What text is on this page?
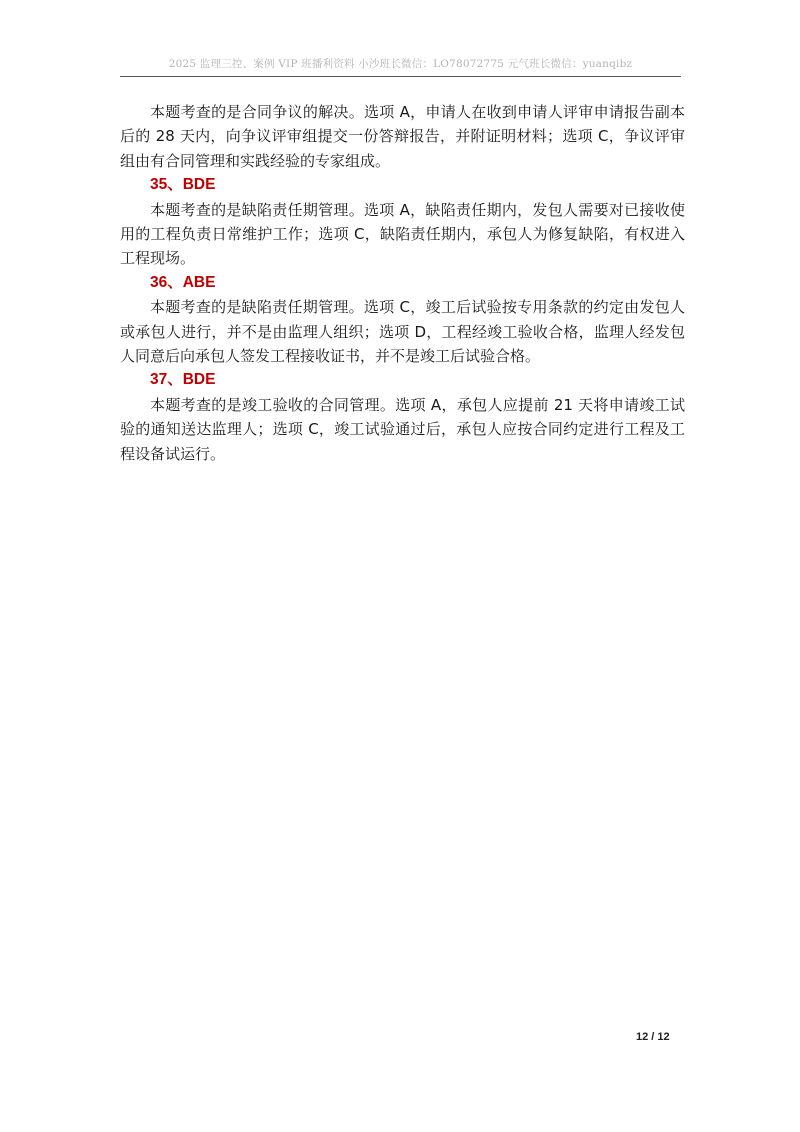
2025 监理三控、案例 VIP 班播利资料 小沙班长微信：LO78072775 元气班长微信：yuanqibz

本题考查的是合同争议的解决。选项 A，申请人在收到申请人评审申请报告副本后的 28 天内，向争议评审组提交一份答辩报告，并附证明材料；选项 C，争议评审组由有合同管理和实践经验的专家组成。

35、BDE

本题考查的是缺陷责任期管理。选项 A，缺陷责任期内，发包人需要对已接收使用的工程负责日常维护工作；选项 C，缺陷责任期内，承包人为修复缺陷，有权进入工程现场。

36、ABE

本题考查的是缺陷责任期管理。选项 C，竣工后试验按专用条款的约定由发包人或承包人进行，并不是由监理人组织；选项 D，工程经竣工验收合格，监理人经发包人同意后向承包人签发工程接收证书，并不是竣工后试验合格。

37、BDE

本题考查的是竣工验收的合同管理。选项 A，承包人应提前 21 天将申请竣工试验的通知送达监理人；选项 C，竣工试验通过后，承包人应按合同约定进行工程及工程设备试运行。

12 / 12
